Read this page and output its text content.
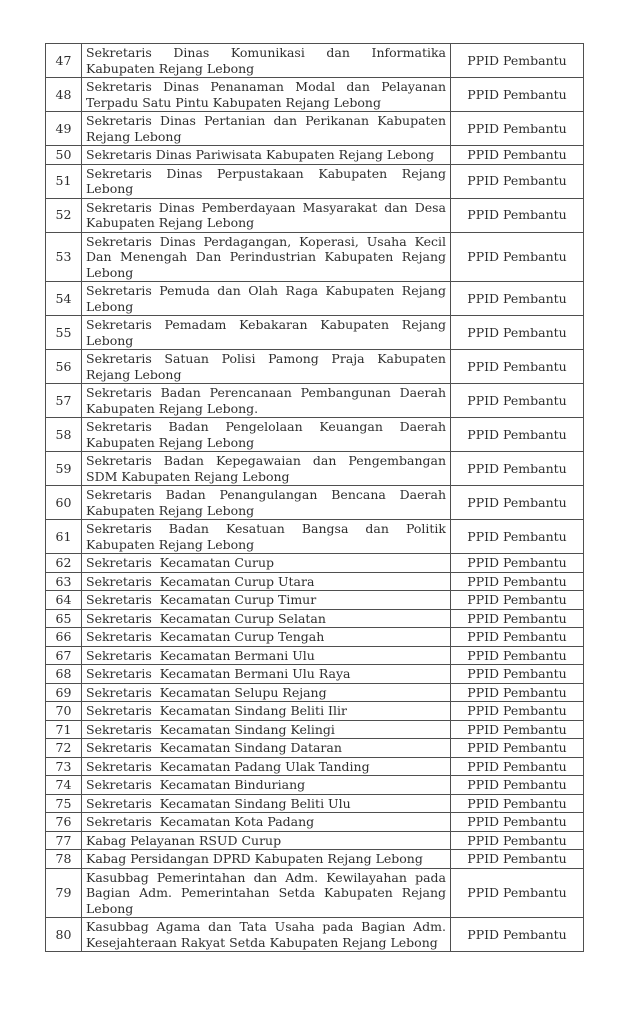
47	Sekretaris Dinas Komunikasi dan Informatika Kabupaten Rejang Lebong	PPID Pembantu
48	Sekretaris Dinas Penanaman Modal dan Pelayanan Terpadu Satu Pintu Kabupaten Rejang Lebong	PPID Pembantu
49	Sekretaris Dinas Pertanian dan Perikanan Kabupaten Rejang Lebong	PPID Pembantu
50	Sekretaris Dinas Pariwisata Kabupaten Rejang Lebong	PPID Pembantu
51	Sekretaris Dinas Perpustakaan Kabupaten Rejang Lebong	PPID Pembantu
52	Sekretaris Dinas Pemberdayaan Masyarakat dan Desa Kabupaten Rejang Lebong	PPID Pembantu
53	Sekretaris Dinas Perdagangan, Koperasi, Usaha Kecil Dan Menengah Dan Perindustrian Kabupaten Rejang Lebong	PPID Pembantu
54	Sekretaris Pemuda dan Olah Raga Kabupaten Rejang Lebong	PPID Pembantu
55	Sekretaris Pemadam Kebakaran Kabupaten Rejang Lebong	PPID Pembantu
56	Sekretaris Satuan Polisi Pamong Praja Kabupaten Rejang Lebong	PPID Pembantu
57	Sekretaris Badan Perencanaan Pembangunan Daerah Kabupaten Rejang Lebong.	PPID Pembantu
58	Sekretaris Badan Pengelolaan Keuangan Daerah Kabupaten Rejang Lebong	PPID Pembantu
59	Sekretaris Badan Kepegawaian dan Pengembangan SDM Kabupaten Rejang Lebong	PPID Pembantu
60	Sekretaris Badan Penangulangan Bencana Daerah Kabupaten Rejang Lebong	PPID Pembantu
61	Sekretaris Badan Kesatuan Bangsa dan Politik Kabupaten Rejang Lebong	PPID Pembantu
62	Sekretaris  Kecamatan Curup	PPID Pembantu
63	Sekretaris  Kecamatan Curup Utara	PPID Pembantu
64	Sekretaris  Kecamatan Curup Timur	PPID Pembantu
65	Sekretaris  Kecamatan Curup Selatan	PPID Pembantu
66	Sekretaris  Kecamatan Curup Tengah	PPID Pembantu
67	Sekretaris  Kecamatan Bermani Ulu	PPID Pembantu
68	Sekretaris  Kecamatan Bermani Ulu Raya	PPID Pembantu
69	Sekretaris  Kecamatan Selupu Rejang	PPID Pembantu
70	Sekretaris  Kecamatan Sindang Beliti Ilir	PPID Pembantu
71	Sekretaris  Kecamatan Sindang Kelingi	PPID Pembantu
72	Sekretaris  Kecamatan Sindang Dataran	PPID Pembantu
73	Sekretaris  Kecamatan Padang Ulak Tanding	PPID Pembantu
74	Sekretaris  Kecamatan Binduriang	PPID Pembantu
75	Sekretaris  Kecamatan Sindang Beliti Ulu	PPID Pembantu
76	Sekretaris  Kecamatan Kota Padang	PPID Pembantu
77	Kabag Pelayanan RSUD Curup	PPID Pembantu
78	Kabag Persidangan DPRD Kabupaten Rejang Lebong	PPID Pembantu
79	Kasubbag Pemerintahan dan Adm. Kewilayahan pada Bagian Adm. Pemerintahan Setda Kabupaten Rejang Lebong	PPID Pembantu
80	Kasubbag Agama dan Tata Usaha pada Bagian Adm. Kesejahteraan Rakyat Setda Kabupaten Rejang Lebong	PPID Pembantu
